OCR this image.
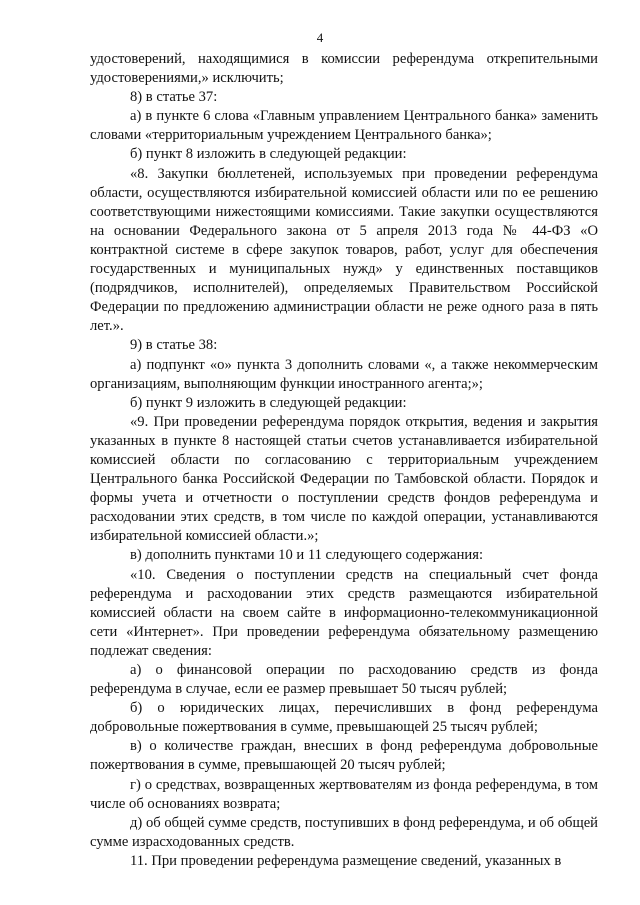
4

удостоверений, находящимися в комиссии референдума открепительными удостоверениями,» исключить;

8) в статье 37:

а) в пункте 6 слова «Главным управлением Центрального банка» заменить словами «территориальным учреждением Центрального банка»;

б) пункт 8 изложить в следующей редакции:

«8. Закупки бюллетеней, используемых при проведении референдума области, осуществляются избирательной комиссией области или по ее решению соответствующими нижестоящими комиссиями. Такие закупки осуществляются на основании Федерального закона от 5 апреля 2013 года № 44-ФЗ «О контрактной системе в сфере закупок товаров, работ, услуг для обеспечения государственных и муниципальных нужд» у единственных поставщиков (подрядчиков, исполнителей), определяемых Правительством Российской Федерации по предложению администрации области не реже одного раза в пять лет.».

9) в статье 38:

а) подпункт «о» пункта 3 дополнить словами «, а также некоммерческим организациям, выполняющим функции иностранного агента;»;

б) пункт 9 изложить в следующей редакции:

«9. При проведении референдума порядок открытия, ведения и закрытия указанных в пункте 8 настоящей статьи счетов устанавливается избирательной комиссией области по согласованию с территориальным учреждением Центрального банка Российской Федерации по Тамбовской области. Порядок и формы учета и отчетности о поступлении средств фондов референдума и расходовании этих средств, в том числе по каждой операции, устанавливаются избирательной комиссией области.»;

в) дополнить пунктами 10 и 11 следующего содержания:

«10. Сведения о поступлении средств на специальный счет фонда референдума и расходовании этих средств размещаются избирательной комиссией области на своем сайте в информационно-телекоммуникационной сети «Интернет». При проведении референдума обязательному размещению подлежат сведения:

а) о финансовой операции по расходованию средств из фонда референдума в случае, если ее размер превышает 50 тысяч рублей;

б) о юридических лицах, перечисливших в фонд референдума добровольные пожертвования в сумме, превышающей 25 тысяч рублей;

в) о количестве граждан, внесших в фонд референдума добровольные пожертвования в сумме, превышающей 20 тысяч рублей;

г) о средствах, возвращенных жертвователям из фонда референдума, в том числе об основаниях возврата;

д) об общей сумме средств, поступивших в фонд референдума, и об общей сумме израсходованных средств.

11. При проведении референдума размещение сведений, указанных в
